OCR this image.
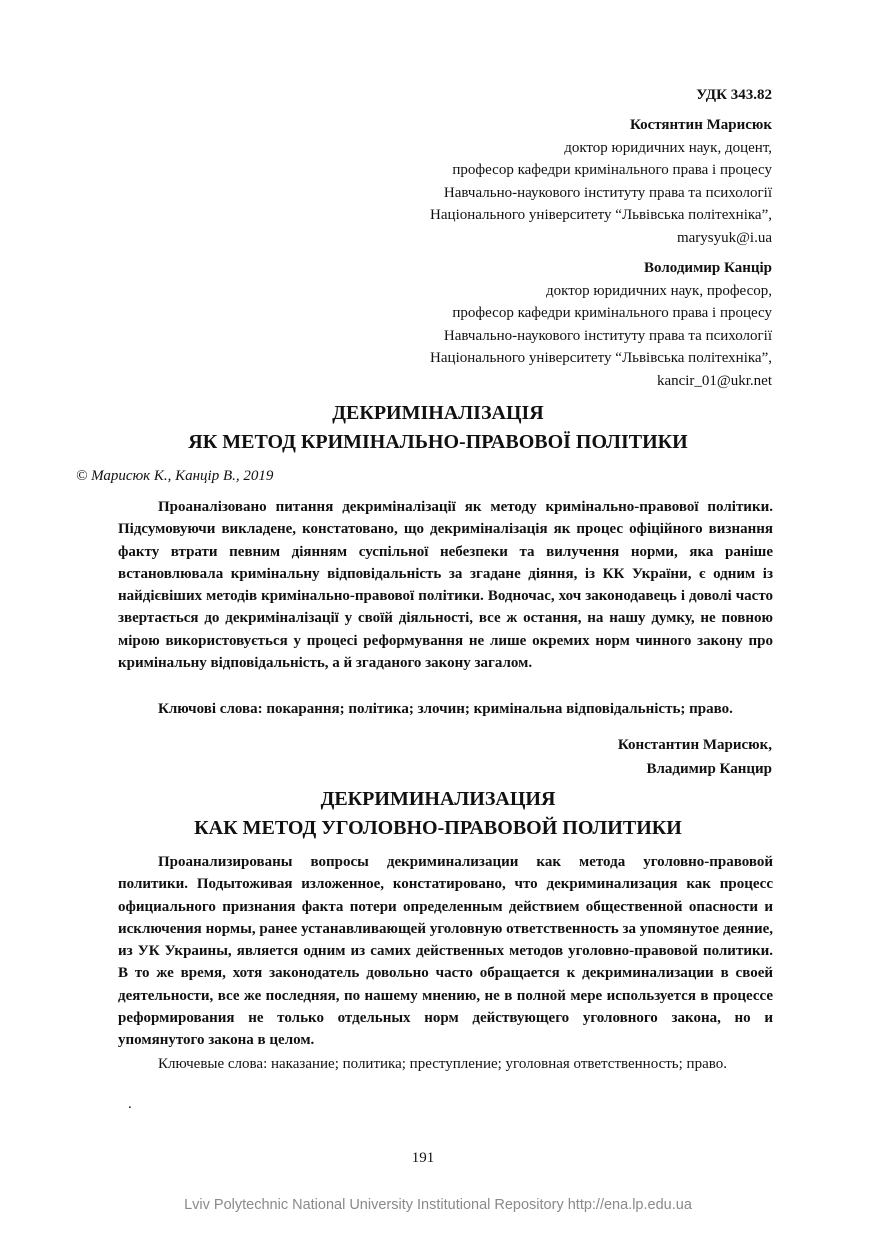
УДК 343.82
Костянтин Марисюк
доктор юридичних наук, доцент,
професор кафедри кримінального права і процесу
Навчально-наукового інституту права та психології
Національного університету “Львівська політехніка”,
marysyuk@i.ua
Володимир Канцір
доктор юридичних наук, професор,
професор кафедри кримінального права і процесу
Навчально-наукового інституту права та психології
Національного університету “Львівська політехніка”,
kancir_01@ukr.net
ДЕКРИМІНАЛІЗАЦІЯ
ЯК МЕТОД КРИМІНАЛЬНО-ПРАВОВОЇ ПОЛІТИКИ
© Марисюк К., Канцір В., 2019

Проаналізовано питання декриміналізації як методу кримінально-правової політики. Підсумовуючи викладене, констатовано, що декриміналізація як процес офіційного визнання факту втрати певним діянням суспільної небезпеки та вилучення норми, яка раніше встановлювала кримінальну відповідальність за згадане діяння, із КК України, є одним із найдієвіших методів кримінально-правової політики. Водночас, хоч законодавець і доволі часто звертається до декриміналізації у своїй діяльності, все ж остання, на нашу думку, не повною мірою використовується у процесі реформування не лише окремих норм чинного закону про кримінальну відповідальність, а й згаданого закону загалом.

Ключові слова: покарання; політика; злочин; кримінальна відповідальність; право.

Константин Марисюк,
Владимир Канцир
ДЕКРИМИНАЛИЗАЦИЯ
КАК МЕТОД УГОЛОВНО-ПРАВОВОЙ ПОЛИТИКИ

Проанализированы вопросы декриминализации как метода уголовно-правовой политики. Подытоживая изложенное, констатировано, что декриминализация как процесс официального признания факта потери определенным действием общественной опасности и исключения нормы, ранее устанавливающей уголовную ответственность за упомянутое деяние, из УК Украины, является одним из самих действенных методов уголовно-правовой политики. В то же время, хотя законодатель довольно часто обращается к декриминализации в своей деятельности, все же последняя, по нашему мнению, не в полной мере используется в процессе реформирования не только отдельных норм действующего уголовного закона, но и упомянутого закона в целом.

Ключевые слова: наказание; политика; преступление; уголовная ответственность; право.

.
191
Lviv Polytechnic National University Institutional Repository http://ena.lp.edu.ua
